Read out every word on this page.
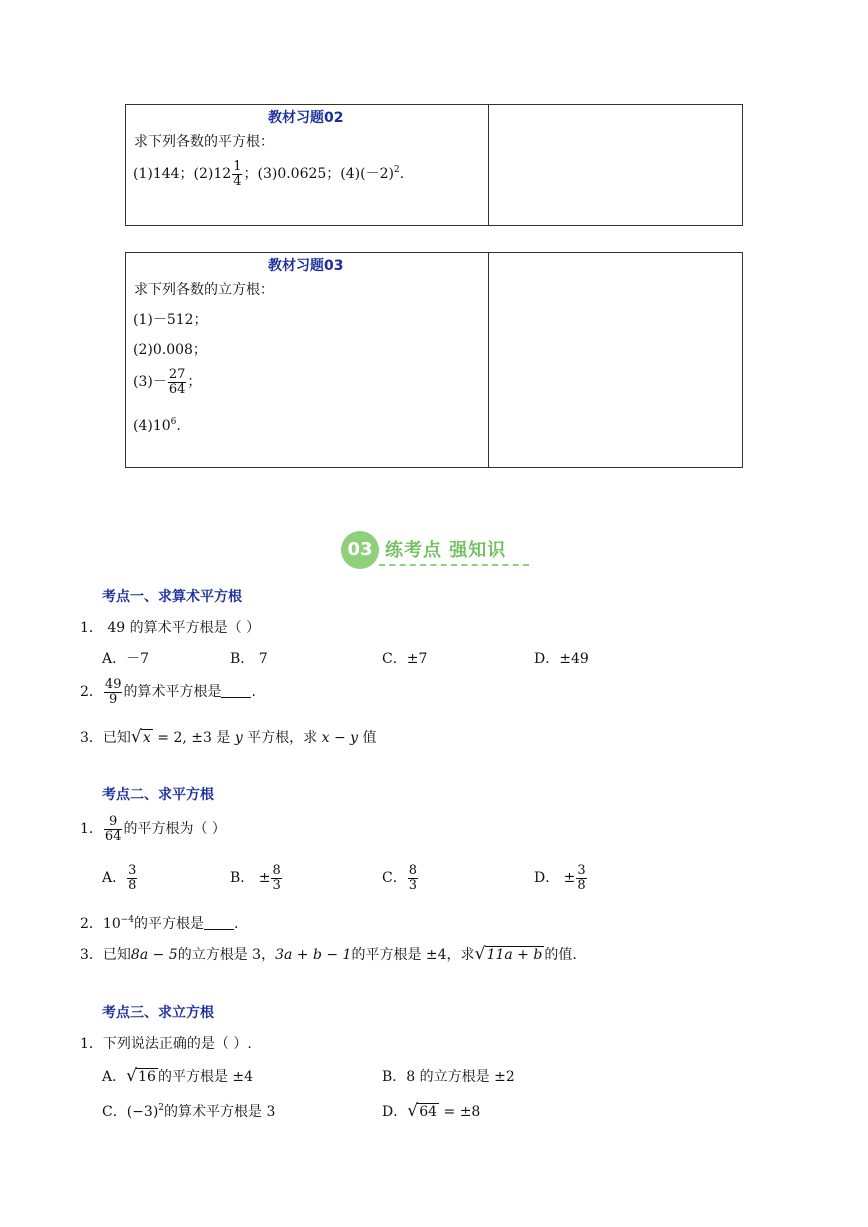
教材习题02
求下列各数的平方根：
(1)144；$(2)12 \frac{1}{4}$ ；(3)0.0625；$(4)(-2)^2$.
教材习题03
求下列各数的立方根：
(1)－512；
(2)0.008；
$(3)- \frac{27}{64}$ ；
$(4)10^6$.
03 练考点 强知识
考点一、求算术平方根
1． 49 的算术平方根是（ ）
A．－7	B． 7	C．±7	D．±49
2． $\frac{49}{9}$ 的算术平方根是 .
3．已知 √ x = 2, ±3 是 y 平方根，求 x − y 值
考点二、求平方根
1． $\frac{9}{64}$ 的平方根为（ ）
A． $\frac{3}{8}$	B． ± $\frac{8}{3}$	C． $\frac{8}{3}$	D． ± $\frac{3}{8}$
2．$10^{-4}$的平方根是 .
3．已知8a − 5的立方根是 3，3a + b − 1的平方根是 ±4，求 √ 11a + b 的值.
考点三、求立方根
1．下列说法正确的是（ ）.
A． √ 16 的平方根是 ±4	B．8 的立方根是 ±2
C．$(-3)^2$的算术平方根是 3	D． √ 64 = ±8
